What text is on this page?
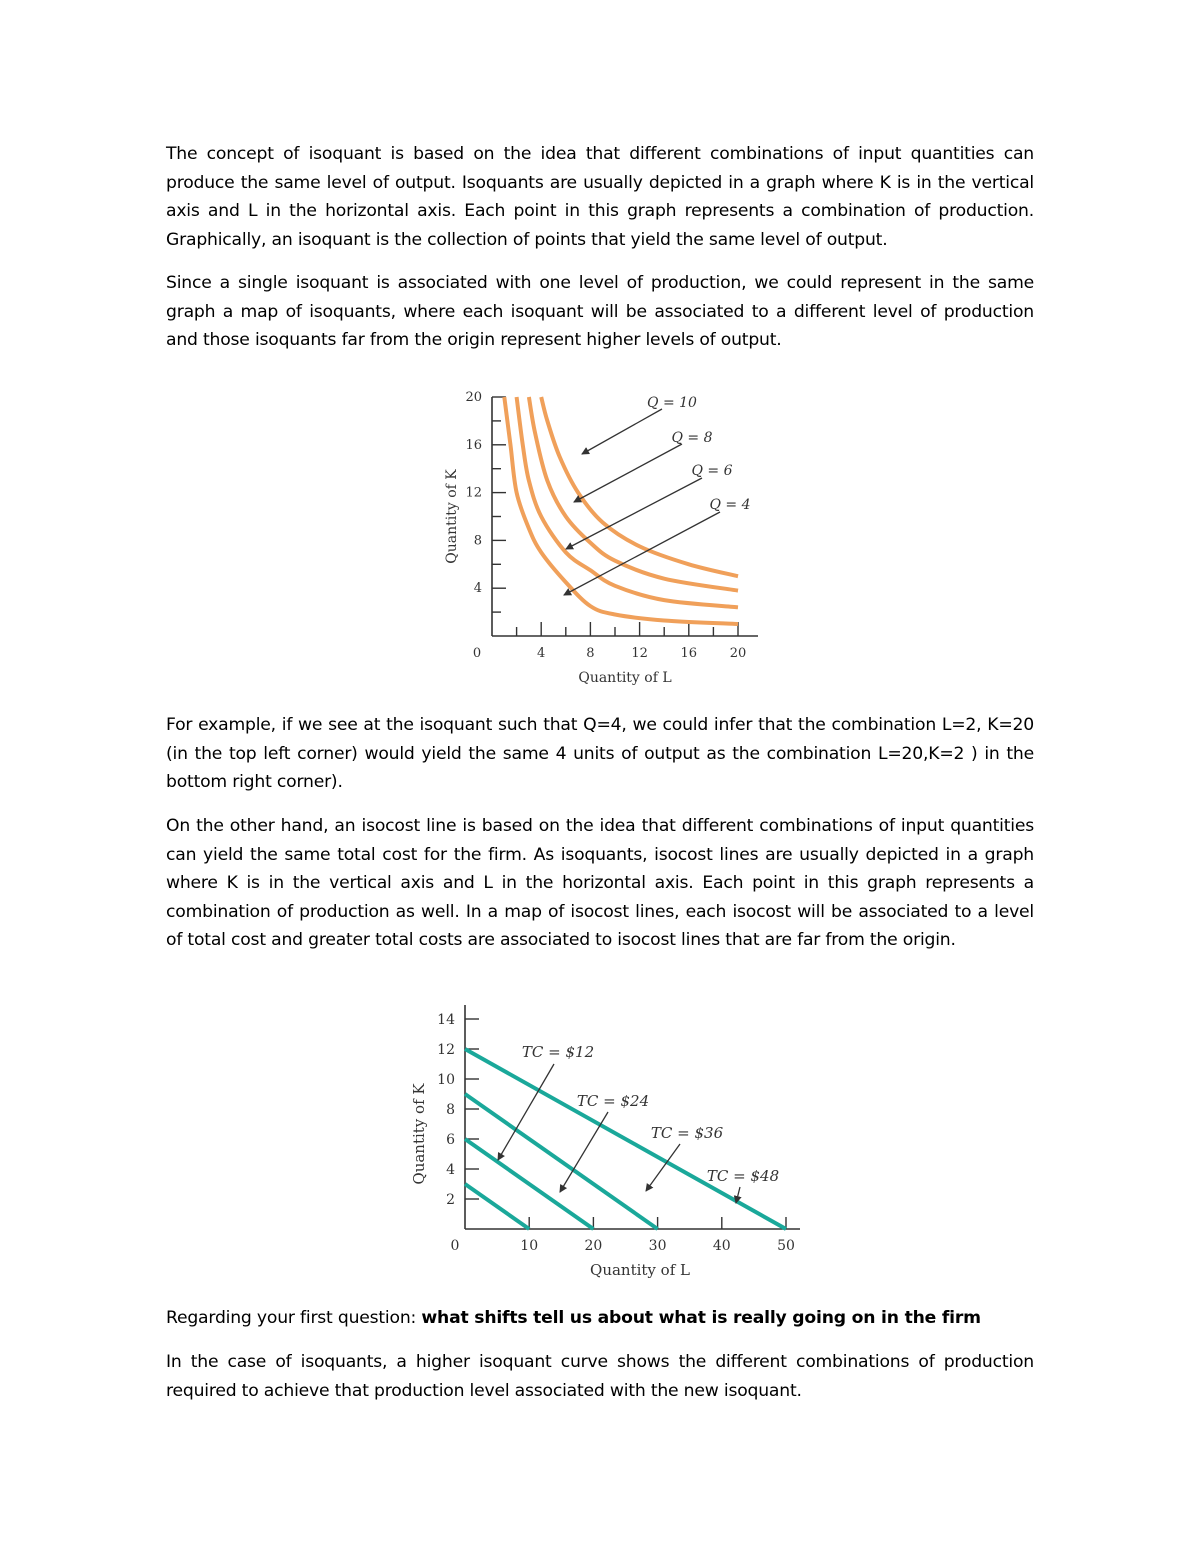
The concept of isoquant is based on the idea that different combinations of input quantities can produce the same level of output. Isoquants are usually depicted in a graph where K is in the vertical axis and L in the horizontal axis. Each point in this graph represents a combination of production. Graphically, an isoquant is the collection of points that yield the same level of output.

Since a single isoquant is associated with one level of production, we could represent in the same graph a map of isoquants, where each isoquant will be associated to a different level of production and those isoquants far from the origin represent higher levels of output.

4
8
12
16
20
0	4	8	12	16	20
Quantity of L
Quantity of K
Q = 10
Q = 8
Q = 6
Q = 4

For example, if we see at the isoquant such that Q=4, we could infer that the combination L=2, K=20 (in the top left corner) would yield the same 4 units of output as the combination L=20,K=2 ) in the bottom right corner).

On the other hand, an isocost line is based on the idea that different combinations of input quantities can yield the same total cost for the firm. As isoquants, isocost lines are usually depicted in a graph where K is in the vertical axis and L in the horizontal axis. Each point in this graph represents a combination of production as well. In a map of isocost lines, each isocost will be associated to a level of total cost and greater total costs are associated to isocost lines that are far from the origin.

2
4
6
8
10
12
14
0	10	20	30	40	50
Quantity of L
Quantity of K
TC = $12
TC = $24
TC = $36
TC = $48

Regarding your first question: what shifts tell us about what is really going on in the firm

In the case of isoquants, a higher isoquant curve shows the different combinations of production required to achieve that production level associated with the new isoquant.
